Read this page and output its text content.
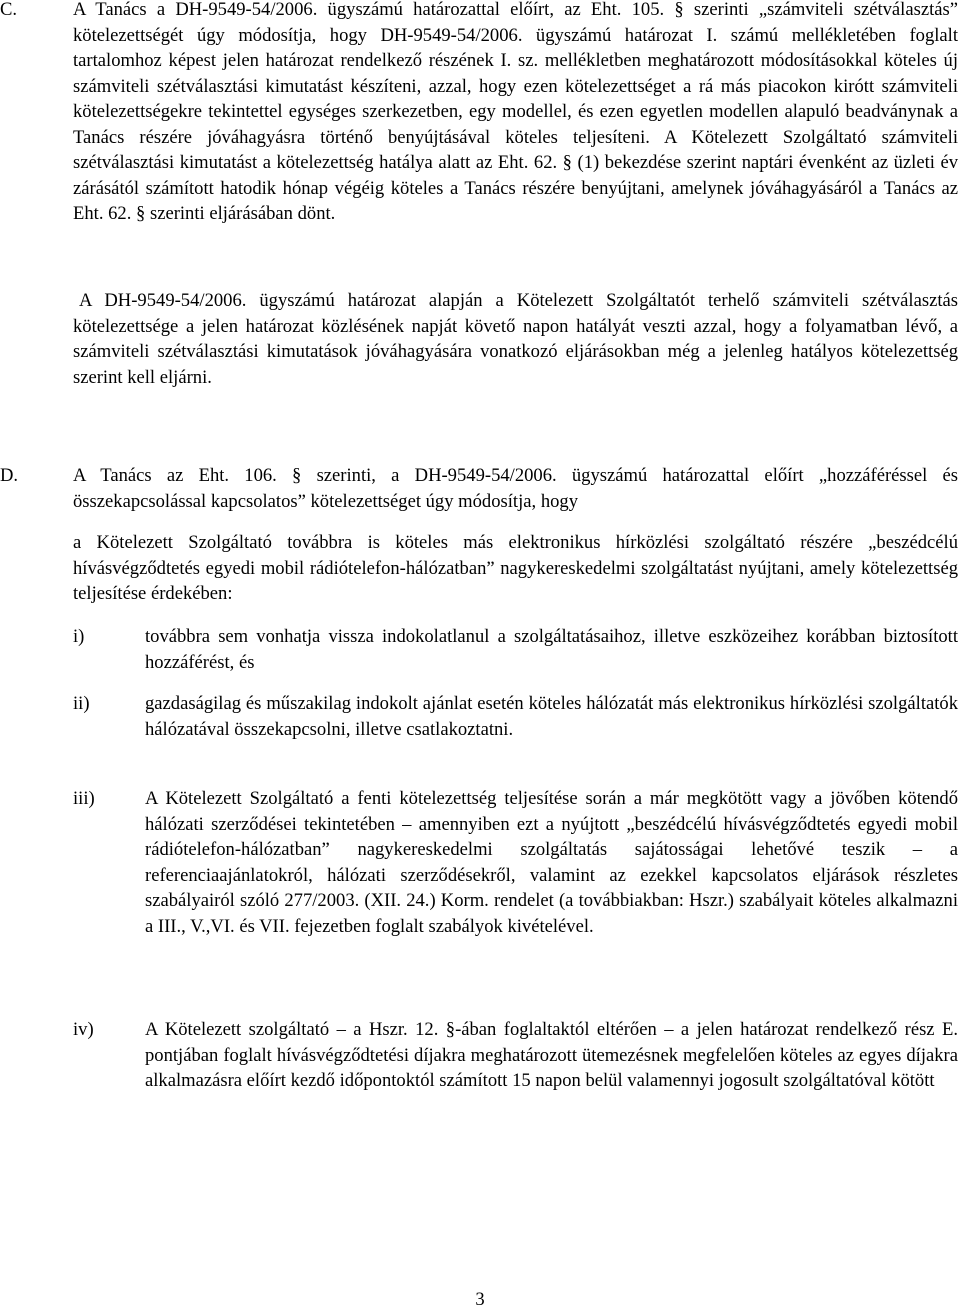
C.	A Tanács a DH-9549-54/2006. ügyszámú határozattal előírt, az Eht. 105. § szerinti „számviteli szétválasztás” kötelezettségét úgy módosítja, hogy DH-9549-54/2006. ügyszámú határozat I. számú mellékletében foglalt tartalomhoz képest jelen határozat rendelkező részének I. sz. mellékletben meghatározott módosításokkal köteles új számviteli szétválasztási kimutatást készíteni, azzal, hogy ezen kötelezettséget a rá más piacokon kirótt számviteli kötelezettségekre tekintettel egységes szerkezetben, egy modellel, és ezen egyetlen modellen alapuló beadványnak a Tanács részére jóváhagyásra történő benyújtásával köteles teljesíteni. A Kötelezett Szolgáltató számviteli szétválasztási kimutatást a kötelezettség hatálya alatt az Eht. 62. § (1) bekezdése szerint naptári évenként az üzleti év zárásától számított hatodik hónap végéig köteles a Tanács részére benyújtani, amelynek jóváhagyásáról a Tanács az Eht. 62. § szerinti eljárásában dönt.

A DH-9549-54/2006. ügyszámú határozat alapján a Kötelezett Szolgáltatót terhelő számviteli szétválasztás kötelezettsége a jelen határozat közlésének napját követő napon hatályát veszti azzal, hogy a folyamatban lévő, a számviteli szétválasztási kimutatások jóváhagyására vonatkozó eljárásokban még a jelenleg hatályos kötelezettség szerint kell eljárni.

D.	A Tanács az Eht. 106. § szerinti, a DH-9549-54/2006. ügyszámú határozattal előírt „hozzáféréssel és összekapcsolással kapcsolatos” kötelezettséget úgy módosítja, hogy

a Kötelezett Szolgáltató továbbra is köteles más elektronikus hírközlési szolgáltató részére „beszédcélú hívásvégződtetés egyedi mobil rádiótelefon-hálózatban” nagykereskedelmi szolgáltatást nyújtani, amely kötelezettség teljesítése érdekében:

i)	továbbra sem vonhatja vissza indokolatlanul a szolgáltatásaihoz, illetve eszközeihez korábban biztosított hozzáférést, és
ii)	gazdaságilag és műszakilag indokolt ajánlat esetén köteles hálózatát más elektronikus hírközlési szolgáltatók hálózatával összekapcsolni, illetve csatlakoztatni.
iii)	A Kötelezett Szolgáltató a fenti kötelezettség teljesítése során a már megkötött vagy a jövőben kötendő hálózati szerződései tekintetében – amennyiben ezt a nyújtott „beszédcélú hívásvégződtetés egyedi mobil rádiótelefon-hálózatban” nagykereskedelmi szolgáltatás sajátosságai lehetővé teszik – a referenciaajánlatokról, hálózati szerződésekről, valamint az ezekkel kapcsolatos eljárások részletes szabályairól szóló 277/2003. (XII. 24.) Korm. rendelet (a továbbiakban: Hszr.) szabályait köteles alkalmazni a III., V.,VI. és VII. fejezetben foglalt szabályok kivételével.
iv)	A Kötelezett szolgáltató – a Hszr. 12. §-ában foglaltaktól eltérően – a jelen határozat rendelkező rész E. pontjában foglalt hívásvégződtetési díjakra meghatározott ütemezésnek megfelelően köteles az egyes díjakra alkalmazásra előírt kezdő időpontoktól számított 15 napon belül valamennyi jogosult szolgáltatóval kötött
3
